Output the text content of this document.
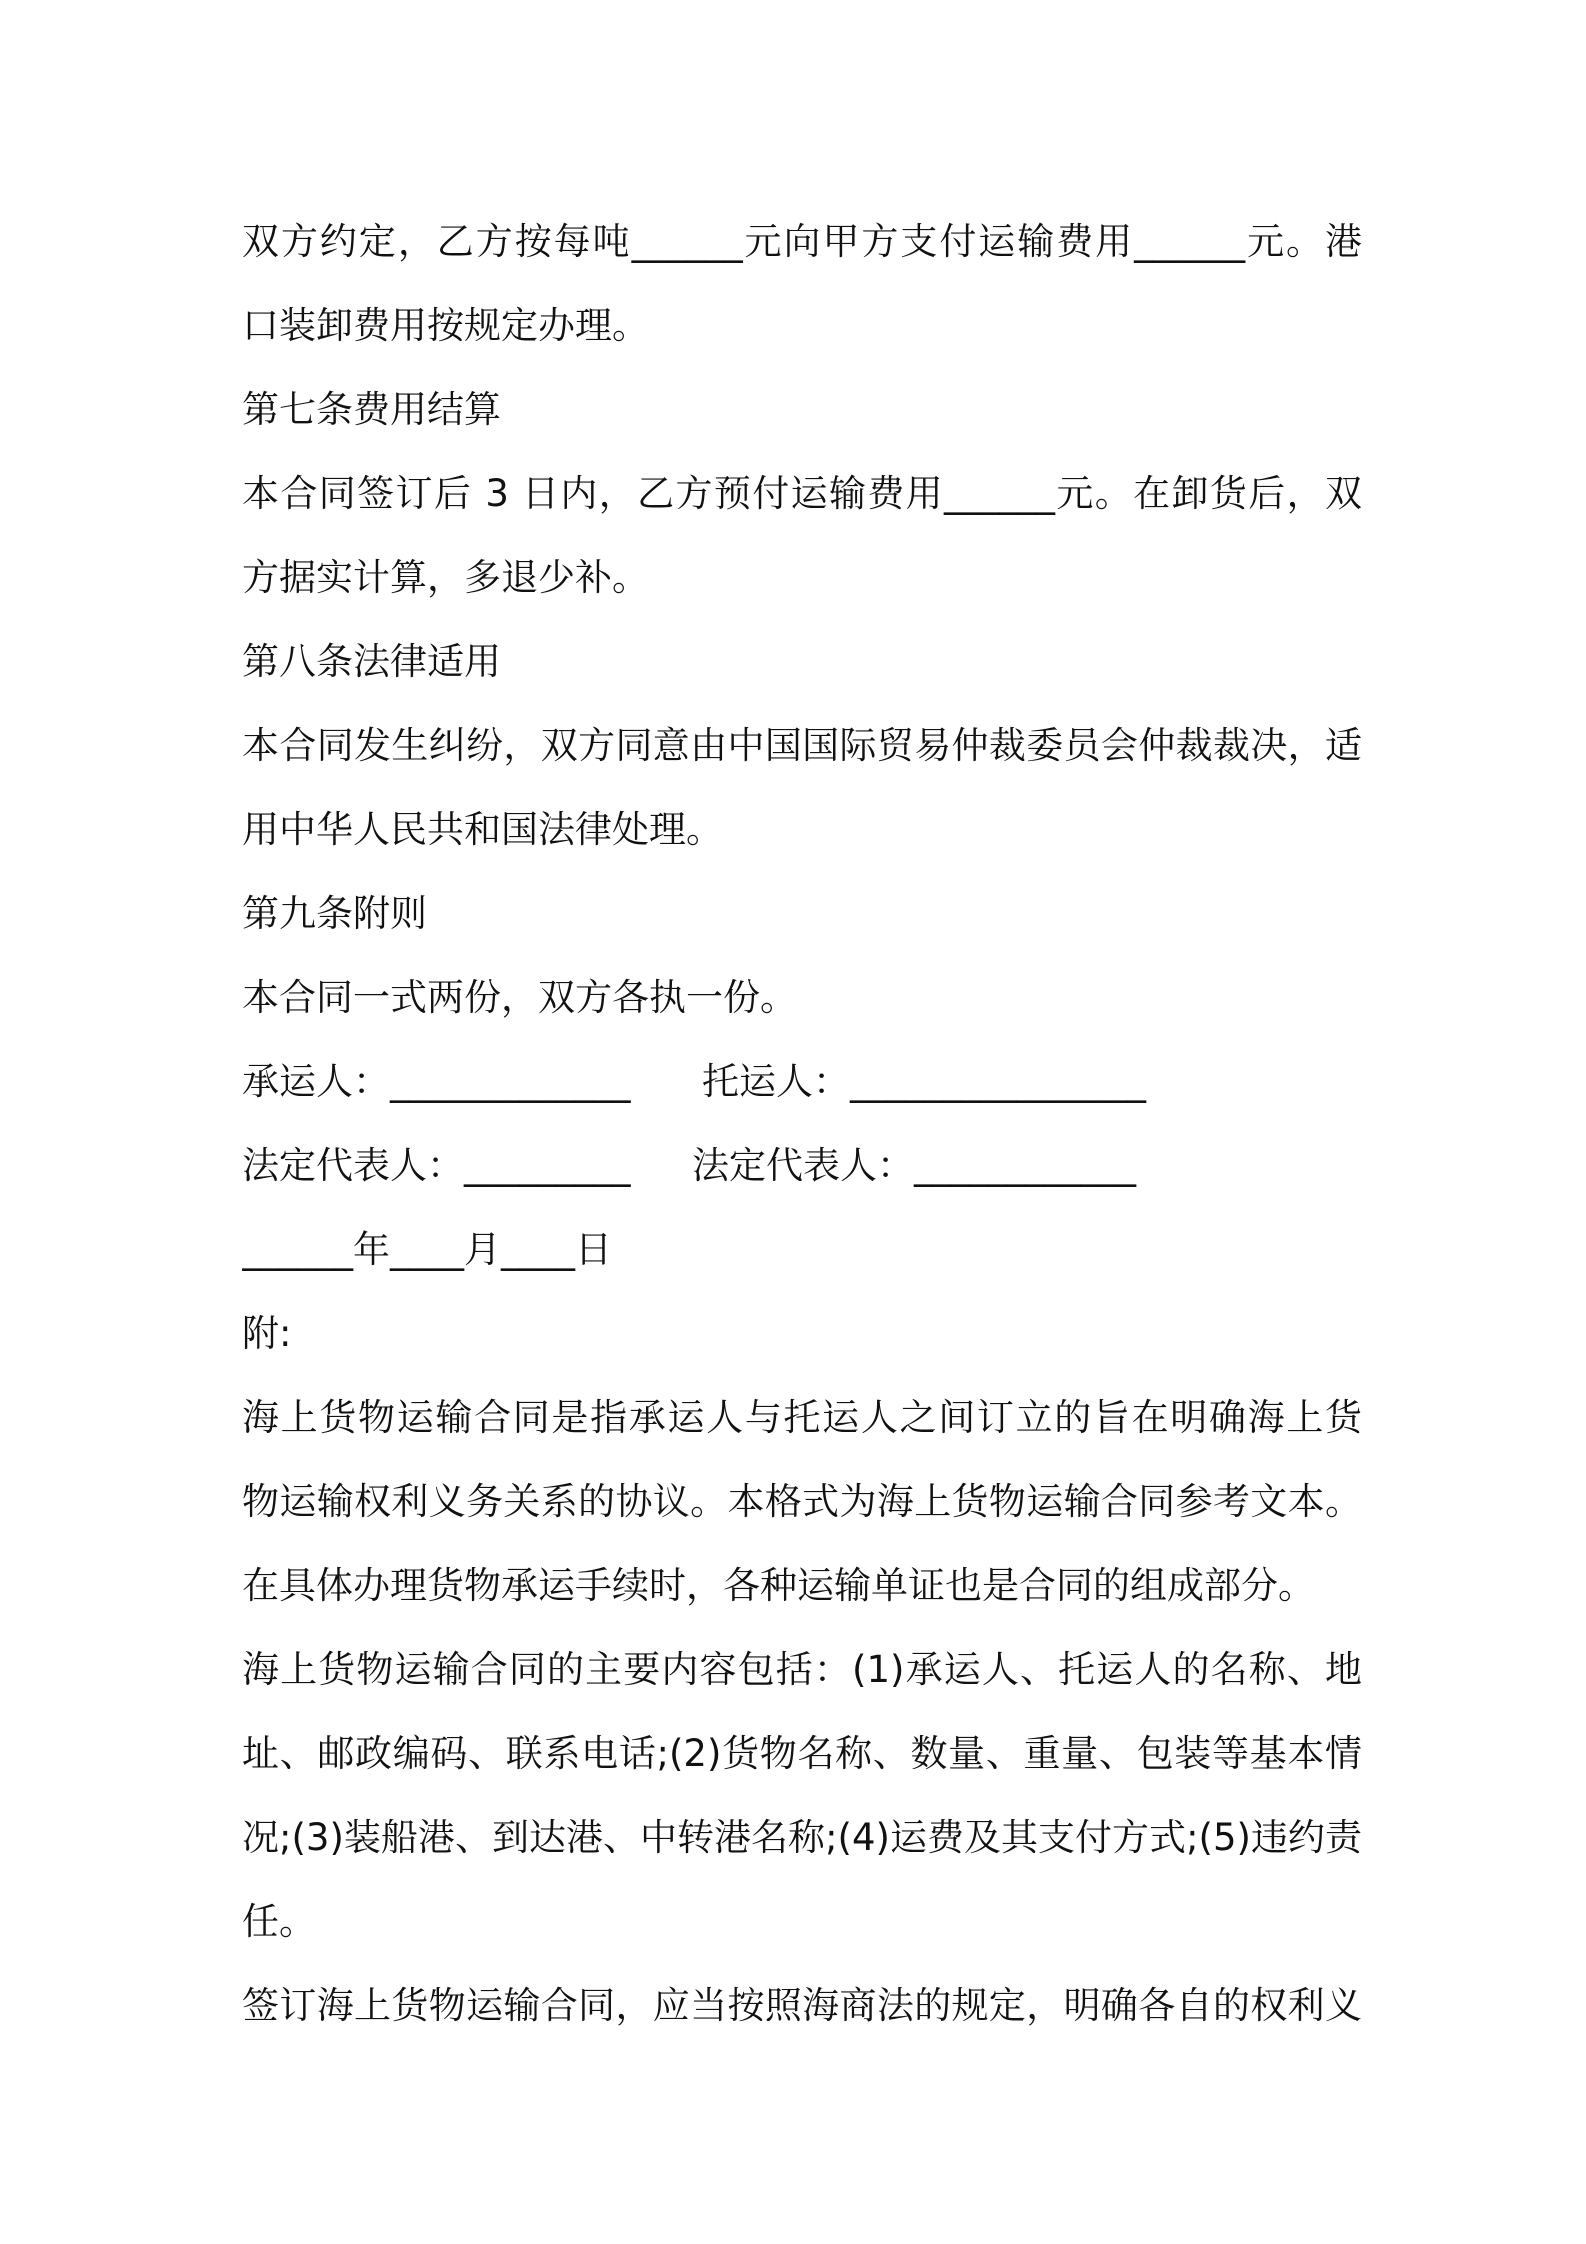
双方约定，乙方按每吨______元向甲方支付运输费用______元。港
口装卸费用按规定办理。
第七条费用结算
本合同签订后 3 日内，乙方预付运输费用______元。在卸货后，双
方据实计算，多退少补。
第八条法律适用
本合同发生纠纷，双方同意由中国国际贸易仲裁委员会仲裁裁决，适
用中华人民共和国法律处理。
第九条附则
本合同一式两份，双方各执一份。
承运人：_____________ 托运人：________________
法定代表人：_________ 法定代表人：____________
______年____月____日
附:
海上货物运输合同是指承运人与托运人之间订立的旨在明确海上货
物运输权利义务关系的协议。本格式为海上货物运输合同参考文本。
在具体办理货物承运手续时，各种运输单证也是合同的组成部分。
海上货物运输合同的主要内容包括：(1)承运人、托运人的名称、地
址、邮政编码、联系电话;(2)货物名称、数量、重量、包装等基本情
况;(3)装船港、到达港、中转港名称;(4)运费及其支付方式;(5)违约责
任。
签订海上货物运输合同，应当按照海商法的规定，明确各自的权利义
